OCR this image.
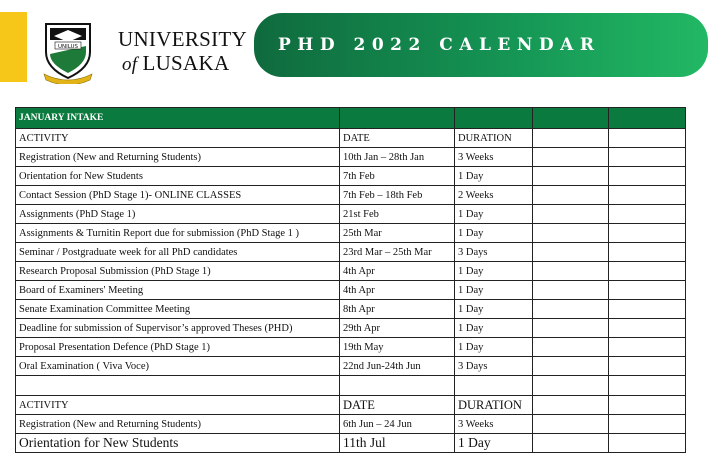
UNILUS UNIVERSITY
of LUSAKA
PHD 2022 CALENDAR
JANUARY INTAKE				
ACTIVITY	DATE	DURATION		
Registration (New and Returning Students)	10th Jan – 28th Jan	3 Weeks		
Orientation for New Students	7th Feb	1 Day		
Contact Session (PhD Stage 1)- ONLINE CLASSES	7th Feb – 18th Feb	2 Weeks		
Assignments (PhD Stage 1)	21st Feb	1 Day		
Assignments & Turnitin Report due for submission (PhD Stage 1 )	25th Mar	1 Day		
Seminar / Postgraduate week for all PhD candidates	23rd Mar – 25th Mar	3 Days		
Research Proposal Submission (PhD Stage 1)	4th Apr	1 Day		
Board of Examiners' Meeting	4th Apr	1 Day		
Senate Examination Committee Meeting	8th Apr	1 Day		
Deadline for submission of Supervisor’s approved Theses (PHD)	29th Apr	1 Day		
Proposal Presentation Defence (PhD Stage 1)	19th May	1 Day		
Oral Examination ( Viva Voce)	22nd Jun-24th Jun	3 Days		

ACTIVITY	DATE	DURATION		
Registration (New and Returning Students)	6th Jun – 24 Jun	3 Weeks		
Orientation for New Students	11th Jul	1 Day		
